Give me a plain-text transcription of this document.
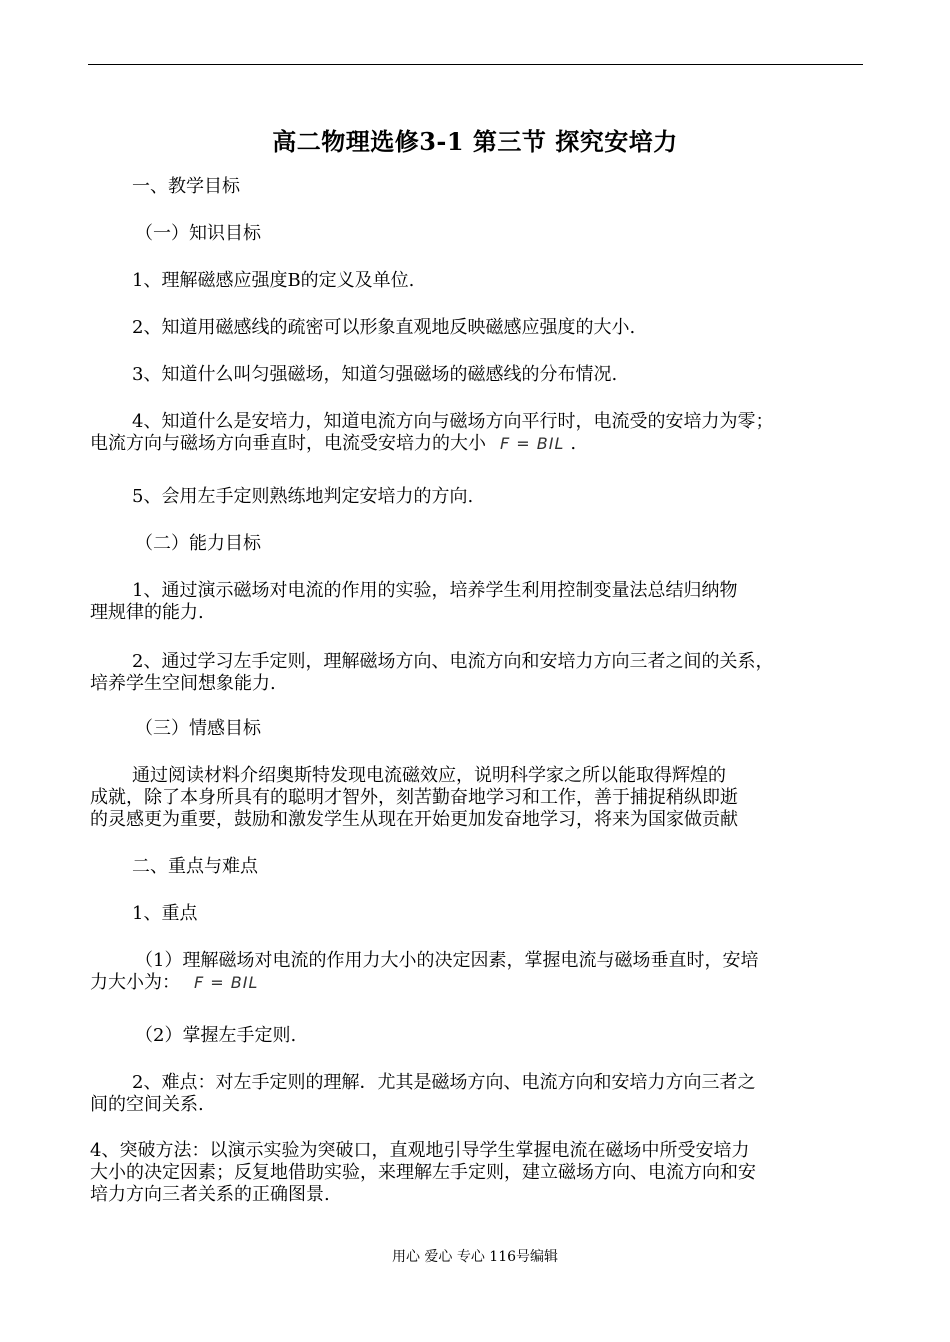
高二物理选修3-1 第三节 探究安培力
一、教学目标
（一）知识目标
1、理解磁感应强度B的定义及单位.
2、知道用磁感线的疏密可以形象直观地反映磁感应强度的大小.
3、知道什么叫匀强磁场，知道匀强磁场的磁感线的分布情况.
4、知道什么是安培力，知道电流方向与磁场方向平行时，电流受的安培力为零；
电流方向与磁场方向垂直时，电流受安培力的大小 F = BIL .
5、会用左手定则熟练地判定安培力的方向.
（二）能力目标
1、通过演示磁场对电流的作用的实验，培养学生利用控制变量法总结归纳物
理规律的能力.
2、通过学习左手定则，理解磁场方向、电流方向和安培力方向三者之间的关系，
培养学生空间想象能力.
（三）情感目标
通过阅读材料介绍奥斯特发现电流磁效应，说明科学家之所以能取得辉煌的
成就，除了本身所具有的聪明才智外，刻苦勤奋地学习和工作，善于捕捉稍纵即逝
的灵感更为重要，鼓励和激发学生从现在开始更加发奋地学习，将来为国家做贡献
二、重点与难点
1、重点
（1）理解磁场对电流的作用力大小的决定因素，掌握电流与磁场垂直时，安培
力大小为： F = BIL
（2）掌握左手定则.
2、难点：对左手定则的理解．尤其是磁场方向、电流方向和安培力方向三者之
间的空间关系.
4、突破方法：以演示实验为突破口，直观地引导学生掌握电流在磁场中所受安培力
大小的决定因素；反复地借助实验，来理解左手定则，建立磁场方向、电流方向和安
培力方向三者关系的正确图景.
用心 爱心 专心 116号编辑
